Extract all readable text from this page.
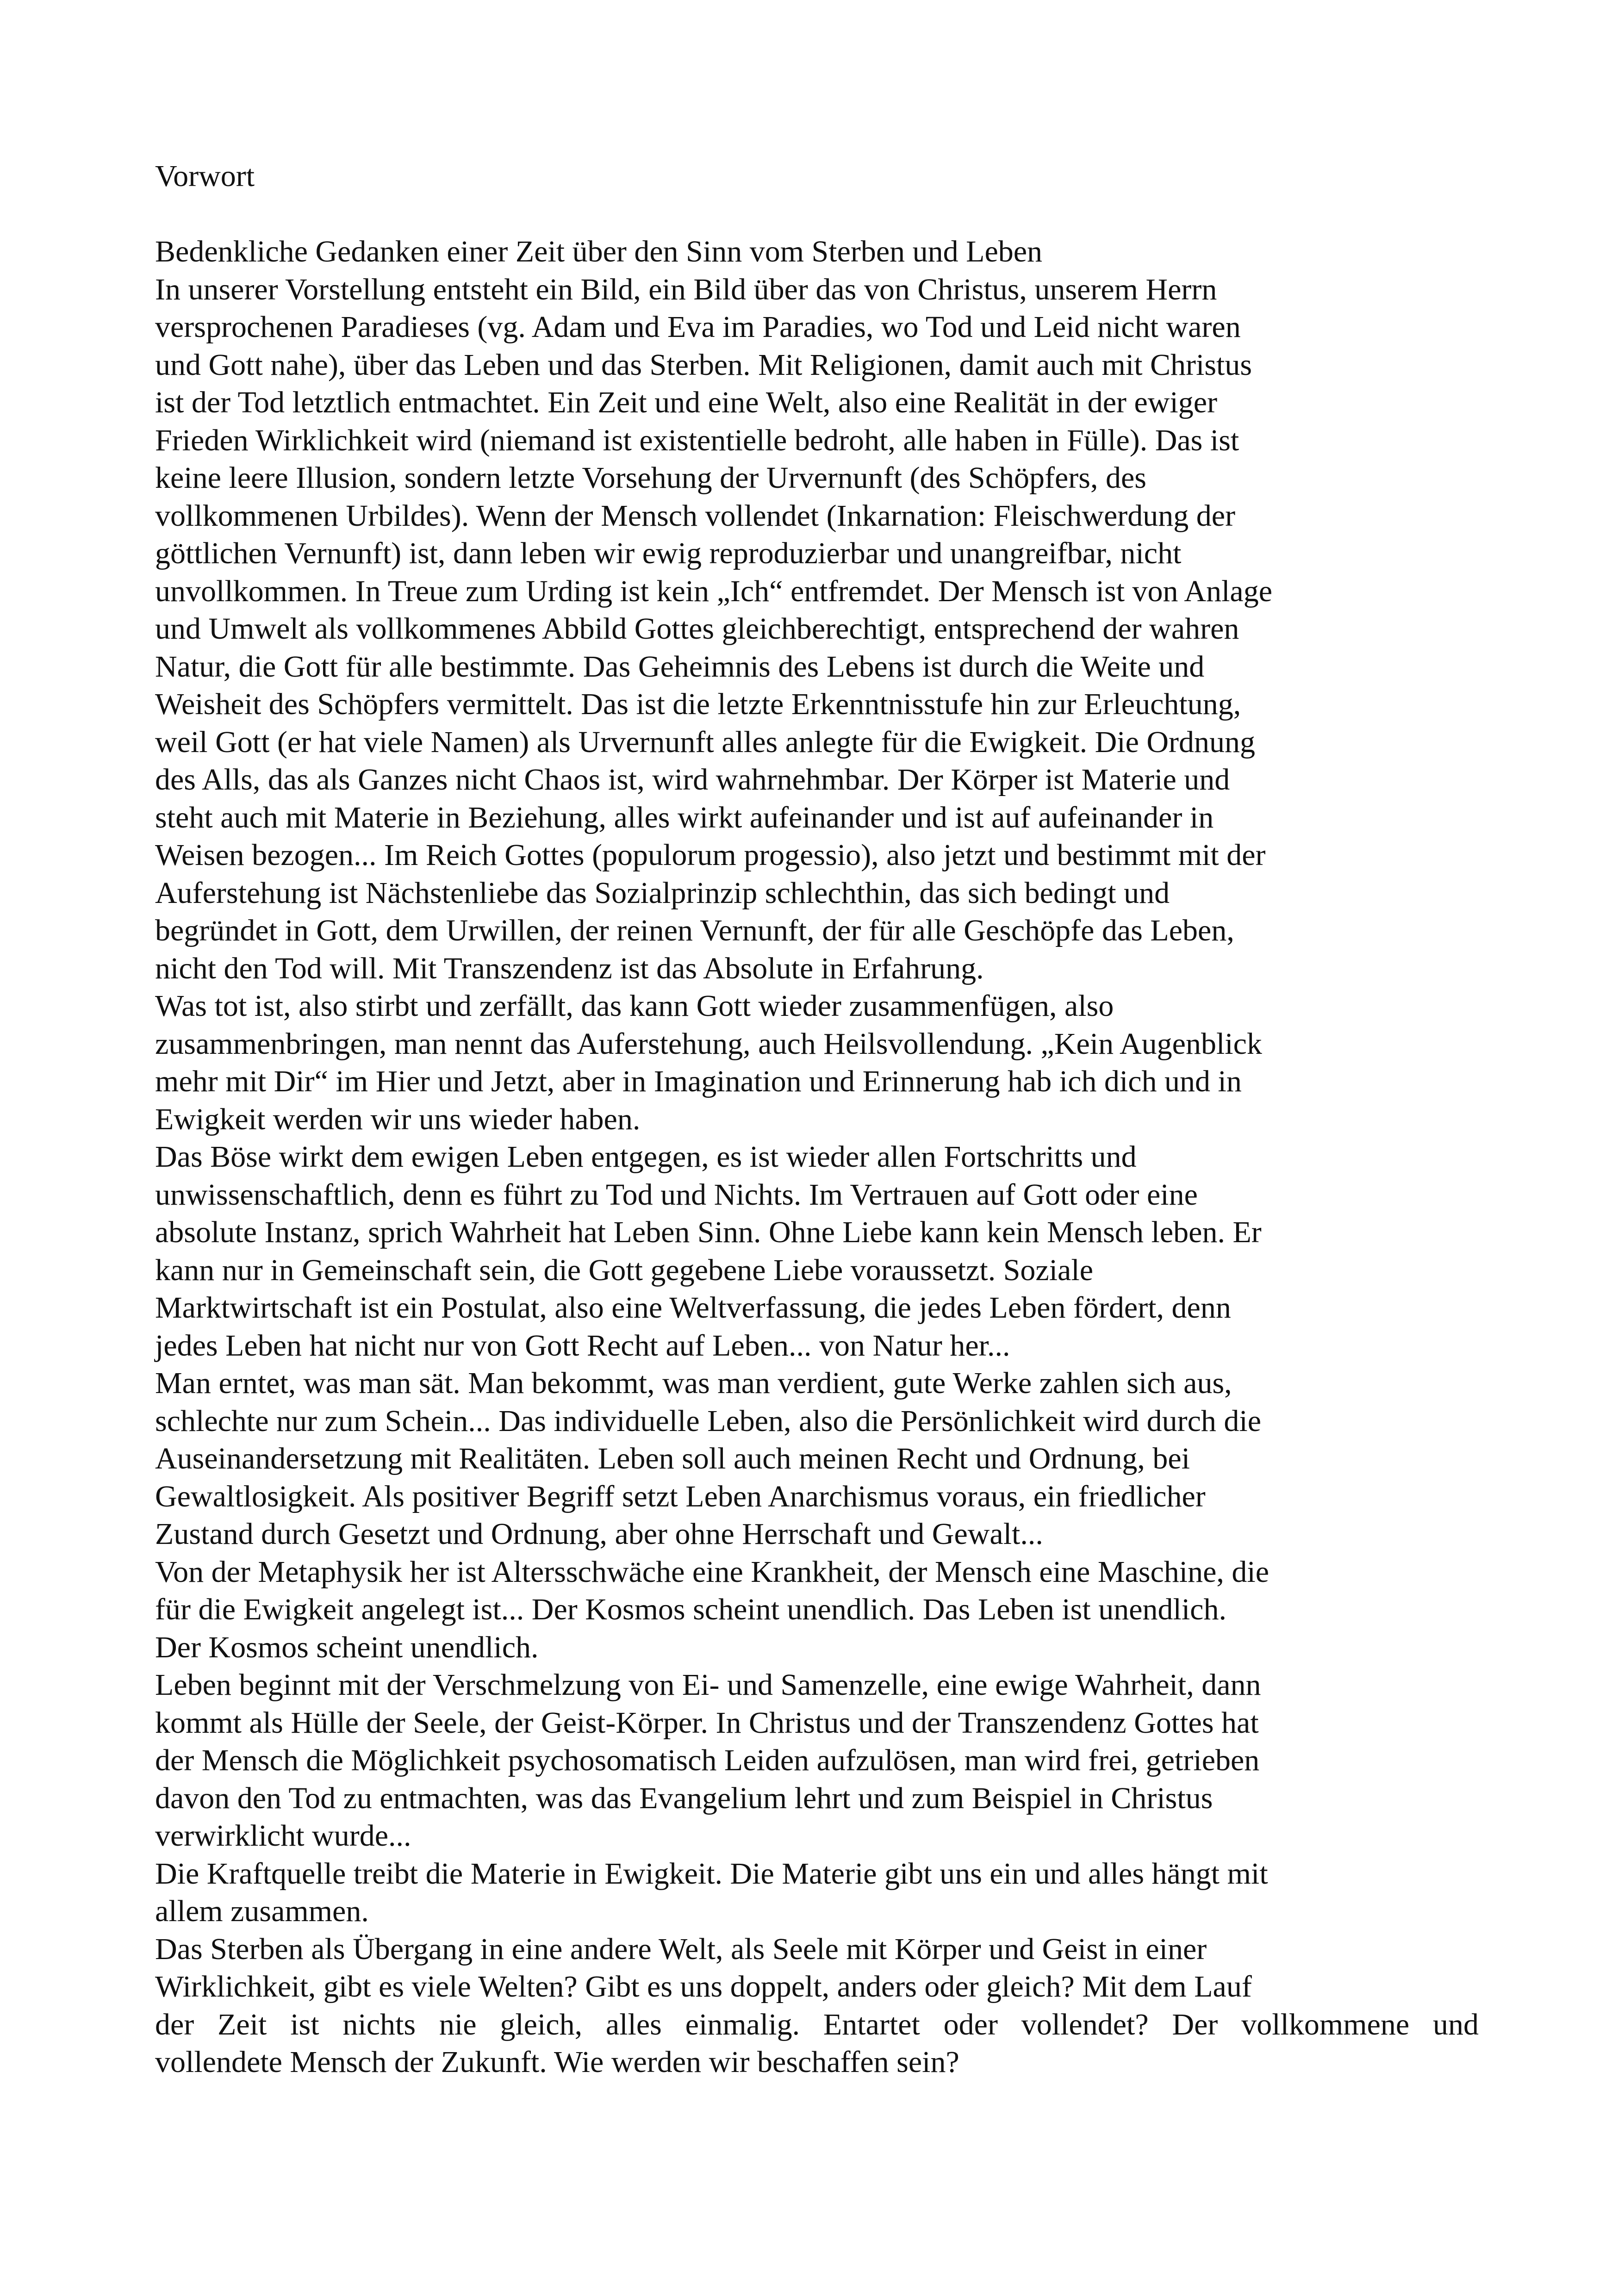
Vorwort
Bedenkliche Gedanken einer Zeit über den Sinn vom Sterben und Leben
In unserer Vorstellung entsteht ein Bild, ein Bild über das von Christus, unserem Herrn
versprochenen Paradieses (vg. Adam und Eva im Paradies, wo Tod und Leid nicht waren
und Gott nahe), über das Leben und das Sterben. Mit Religionen, damit auch mit Christus
ist der Tod letztlich entmachtet. Ein Zeit und eine Welt, also eine Realität in der ewiger
Frieden Wirklichkeit wird (niemand ist existentielle bedroht, alle haben in Fülle). Das ist
keine leere Illusion, sondern letzte Vorsehung der Urvernunft (des Schöpfers, des
vollkommenen Urbildes). Wenn der Mensch vollendet (Inkarnation: Fleischwerdung der
göttlichen Vernunft) ist, dann leben wir ewig reproduzierbar und unangreifbar, nicht
unvollkommen. In Treue zum Urding ist kein „Ich“ entfremdet. Der Mensch ist von Anlage
und Umwelt als vollkommenes Abbild Gottes gleichberechtigt, entsprechend der wahren
Natur, die Gott für alle bestimmte. Das Geheimnis des Lebens ist durch die Weite und
Weisheit des Schöpfers vermittelt. Das ist die letzte Erkenntnisstufe hin zur Erleuchtung,
weil Gott (er hat viele Namen) als Urvernunft alles anlegte für die Ewigkeit. Die Ordnung
des Alls, das als Ganzes nicht Chaos ist, wird wahrnehmbar. Der Körper ist Materie und
steht auch mit Materie in Beziehung, alles wirkt aufeinander und ist auf aufeinander in
Weisen bezogen... Im Reich Gottes (populorum progessio), also jetzt und bestimmt mit der
Auferstehung ist Nächstenliebe das Sozialprinzip schlechthin, das sich bedingt und
begründet in Gott, dem Urwillen, der reinen Vernunft, der für alle Geschöpfe das Leben,
nicht den Tod will. Mit Transzendenz ist das Absolute in Erfahrung.
Was tot ist, also stirbt und zerfällt, das kann Gott wieder zusammenfügen, also
zusammenbringen, man nennt das Auferstehung, auch Heilsvollendung. „Kein Augenblick
mehr mit Dir“ im Hier und Jetzt, aber in Imagination und Erinnerung hab ich dich und in
Ewigkeit werden wir uns wieder haben.
Das Böse wirkt dem ewigen Leben entgegen, es ist wieder allen Fortschritts und
unwissenschaftlich, denn es führt zu Tod und Nichts. Im Vertrauen auf Gott oder eine
absolute Instanz, sprich Wahrheit hat Leben Sinn. Ohne Liebe kann kein Mensch leben. Er
kann nur in Gemeinschaft sein, die Gott gegebene Liebe voraussetzt. Soziale
Marktwirtschaft ist ein Postulat, also eine Weltverfassung, die jedes Leben fördert, denn
jedes Leben hat nicht nur von Gott Recht auf Leben... von Natur her...
Man erntet, was man sät. Man bekommt, was man verdient, gute Werke zahlen sich aus,
schlechte nur zum Schein... Das individuelle Leben, also die Persönlichkeit wird durch die
Auseinandersetzung mit Realitäten. Leben soll auch meinen Recht und Ordnung, bei
Gewaltlosigkeit. Als positiver Begriff setzt Leben Anarchismus voraus, ein friedlicher
Zustand durch Gesetzt und Ordnung, aber ohne Herrschaft und Gewalt...
Von der Metaphysik her ist Altersschwäche eine Krankheit, der Mensch eine Maschine, die
für die Ewigkeit angelegt ist... Der Kosmos scheint unendlich. Das Leben ist unendlich.
Der Kosmos scheint unendlich.
Leben beginnt mit der Verschmelzung von Ei- und Samenzelle, eine ewige Wahrheit, dann
kommt als Hülle der Seele, der Geist-Körper. In Christus und der Transzendenz Gottes hat
der Mensch die Möglichkeit psychosomatisch Leiden aufzulösen, man wird frei, getrieben
davon den Tod zu entmachten, was das Evangelium lehrt und zum Beispiel in Christus
verwirklicht wurde...
Die Kraftquelle treibt die Materie in Ewigkeit. Die Materie gibt uns ein und alles hängt mit
allem zusammen.
Das Sterben als Übergang in eine andere Welt, als Seele mit Körper und Geist in einer
Wirklichkeit, gibt es viele Welten? Gibt es uns doppelt, anders oder gleich? Mit dem Lauf
der Zeit ist nichts nie gleich, alles einmalig. Entartet oder vollendet? Der vollkommene und
vollendete Mensch der Zukunft. Wie werden wir beschaffen sein?
